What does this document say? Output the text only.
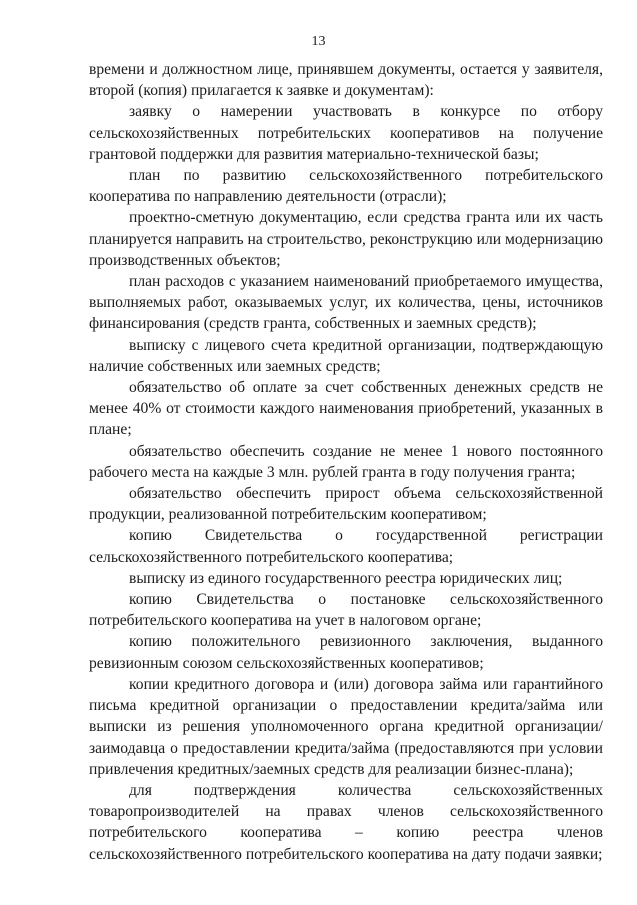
13

времени и должностном лице, принявшем документы, остается у заявителя, второй (копия) прилагается к заявке и документам):

заявку о намерении участвовать в конкурсе по отбору сельскохозяйственных потребительских кооперативов на получение грантовой поддержки для развития материально-технической базы;

план по развитию сельскохозяйственного потребительского кооператива по направлению деятельности (отрасли);

проектно-сметную документацию, если средства гранта или их часть планируется направить на строительство, реконструкцию или модернизацию производственных объектов;

план расходов с указанием наименований приобретаемого имущества, выполняемых работ, оказываемых услуг, их количества, цены, источников финансирования (средств гранта, собственных и заемных средств);

выписку с лицевого счета кредитной организации, подтверждающую наличие собственных или заемных средств;

обязательство об оплате за счет собственных денежных средств не менее 40% от стоимости каждого наименования приобретений, указанных в плане;

обязательство обеспечить создание не менее 1 нового постоянного рабочего места на каждые 3 млн. рублей гранта в году получения гранта;

обязательство обеспечить прирост объема сельскохозяйственной продукции, реализованной потребительским кооперативом;

копию Свидетельства о государственной регистрации сельскохозяйственного потребительского кооператива;

выписку из единого государственного реестра юридических лиц;

копию Свидетельства о постановке сельскохозяйственного потребительского кооператива на учет в налоговом органе;

копию положительного ревизионного заключения, выданного ревизионным союзом сельскохозяйственных кооперативов;

копии кредитного договора и (или) договора займа или гарантийного письма кредитной организации о предоставлении кредита/займа или выписки из решения уполномоченного органа кредитной организации/заимодавца о предоставлении кредита/займа (предоставляются при условии привлечения кредитных/заемных средств для реализации бизнес-плана);

для подтверждения количества сельскохозяйственных товаропроизводителей на правах членов сельскохозяйственного потребительского кооператива – копию реестра членов сельскохозяйственного потребительского кооператива на дату подачи заявки;
